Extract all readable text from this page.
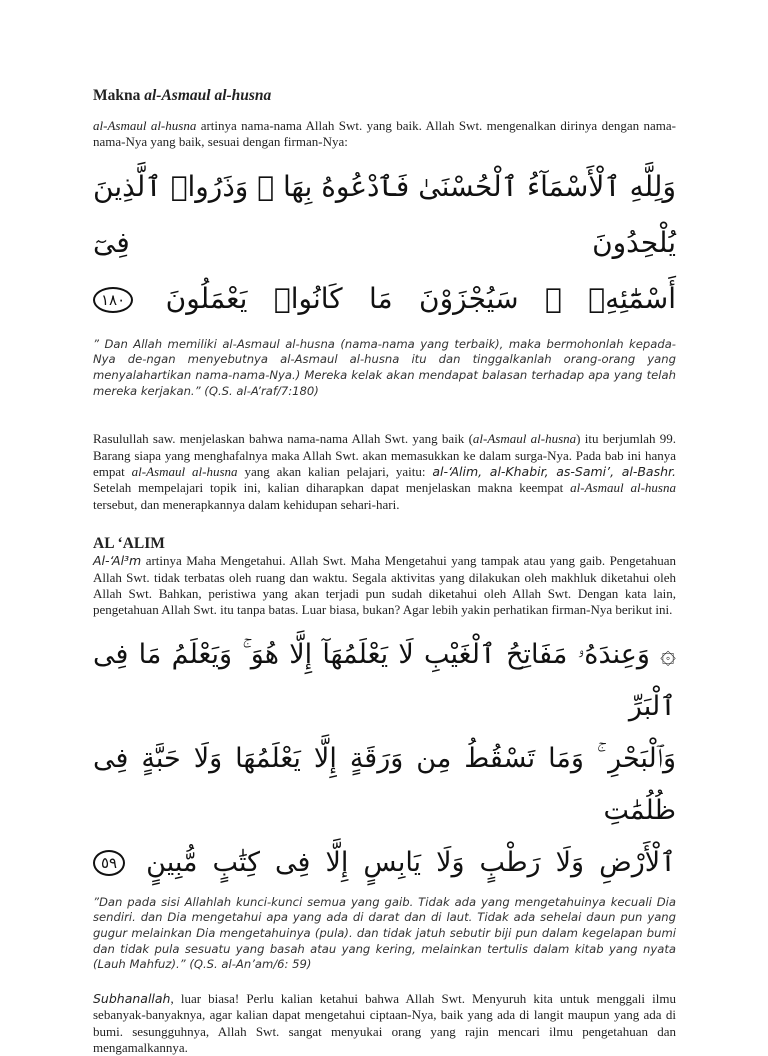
Makna al-Asmaul al-husna

al-Asmaul al-husna artinya nama-nama Allah Swt. yang baik. Allah Swt. mengenalkan dirinya dengan nama-nama-Nya yang baik, sesuai dengan firman-Nya:

وَلِلَّهِ ٱلْأَسْمَآءُ ٱلْحُسْنَىٰ فَٱدْعُوهُ بِهَا ۖ وَذَرُوا۟ ٱلَّذِينَ يُلْحِدُونَ فِىٓ
أَسْمَٰٓئِهِۦ ۚ سَيُجْزَوْنَ مَا كَانُوا۟ يَعْمَلُونَ ١٨٠

” Dan Allah memiliki al-Asmaul al-husna (nama-nama yang terbaik), maka bermohonlah kepada-Nya de-ngan menyebutnya al-Asmaul al-husna itu dan tinggalkanlah orang-orang yang menyalahartikan nama-nama-Nya.) Mereka kelak akan mendapat balasan terhadap apa yang telah mereka kerjakan.” (Q.S. al-A’raf/7:180)

Rasulullah saw. menjelaskan bahwa nama-nama Allah Swt. yang baik (al-Asmaul al-husna) itu berjumlah 99. Barang siapa yang menghafalnya maka Allah Swt. akan memasukkan ke dalam surga-Nya. Pada bab ini hanya empat al-Asmaul al-husna yang akan kalian pelajari, yaitu: al-‘Alim, al-Khabir, as-Sami’, al-Bashr. Setelah mempelajari topik ini, kalian diharapkan dapat menjelaskan makna keempat al-Asmaul al-husna tersebut, dan menerapkannya dalam kehidupan sehari-hari.

AL ‘ALIM

Al-‘Al³m artinya Maha Mengetahui. Allah Swt. Maha Mengetahui yang tampak atau yang gaib. Pengetahuan Allah Swt. tidak terbatas oleh ruang dan waktu. Segala aktivitas yang dilakukan oleh makhluk diketahui oleh Allah Swt. Bahkan, peristiwa yang akan terjadi pun sudah diketahui oleh Allah Swt. Dengan kata lain, pengetahuan Allah Swt. itu tanpa batas. Luar biasa, bukan? Agar lebih yakin perhatikan firman-Nya berikut ini.

۞ وَعِندَهُۥ مَفَاتِحُ ٱلْغَيْبِ لَا يَعْلَمُهَآ إِلَّا هُوَ ۚ وَيَعْلَمُ مَا فِى ٱلْبَرِّ
وَٱلْبَحْرِ ۚ وَمَا تَسْقُطُ مِن وَرَقَةٍ إِلَّا يَعْلَمُهَا وَلَا حَبَّةٍ فِى ظُلُمَٰتِ
ٱلْأَرْضِ وَلَا رَطْبٍ وَلَا يَابِسٍ إِلَّا فِى كِتَٰبٍ مُّبِينٍ ٥٩

”Dan pada sisi Allahlah kunci-kunci semua yang gaib. Tidak ada yang mengetahuinya kecuali Dia sendiri. dan Dia mengetahui apa yang ada di darat dan di laut. Tidak ada sehelai daun pun yang gugur melainkan Dia mengetahuinya (pula). dan tidak jatuh sebutir biji pun dalam kegelapan bumi dan tidak pula sesuatu yang basah atau yang kering, melainkan tertulis dalam kitab yang nyata (Lauh Mahfuz).” (Q.S. al-An’am/6: 59)

Subhanallah, luar biasa! Perlu kalian ketahui bahwa Allah Swt. Menyuruh kita untuk menggali ilmu sebanyak-banyaknya, agar kalian dapat mengetahui ciptaan-Nya, baik yang ada di langit maupun yang ada di bumi. sesungguhnya, Allah Swt. sangat menyukai orang yang rajin mencari ilmu pengetahuan dan mengamalkannya.
